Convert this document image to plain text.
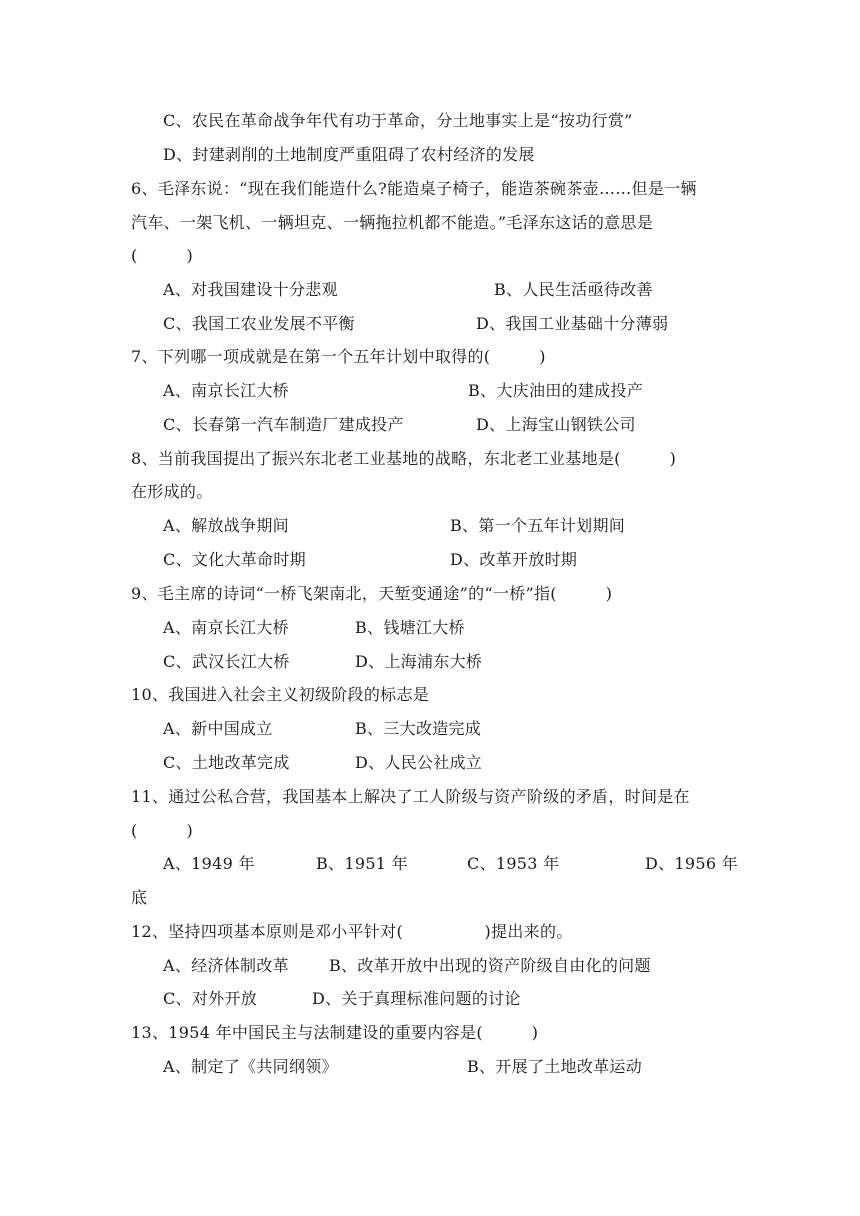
C、农民在革命战争年代有功于革命，分土地事实上是“按功行赏”
D、封建剥削的土地制度严重阻碍了农村经济的发展
6、毛泽东说：“现在我们能造什么?能造桌子椅子，能造茶碗茶壶……但是一辆
汽车、一架飞机、一辆坦克、一辆拖拉机都不能造。”毛泽东这话的意思是
(　　　)
A、对我国建设十分悲观	B、人民生活亟待改善
C、我国工农业发展不平衡	D、我国工业基础十分薄弱
7、下列哪一项成就是在第一个五年计划中取得的(　　　)
A、南京长江大桥	B、大庆油田的建成投产
C、长春第一汽车制造厂建成投产	D、上海宝山钢铁公司
8、当前我国提出了振兴东北老工业基地的战略，东北老工业基地是(　　　)
在形成的。
A、解放战争期间	B、第一个五年计划期间
C、文化大革命时期	D、改革开放时期
9、毛主席的诗词“一桥飞架南北，天堑变通途”的“一桥”指(　　　)
A、南京长江大桥	B、钱塘江大桥
C、武汉长江大桥	D、上海浦东大桥
10、我国进入社会主义初级阶段的标志是
A、新中国成立	B、三大改造完成
C、土地改革完成	D、人民公社成立
11、通过公私合营，我国基本上解决了工人阶级与资产阶级的矛盾，时间是在
(　　　)
A、1949 年	B、1951 年	C、1953 年	D、1956 年
底
12、坚持四项基本原则是邓小平针对(　　　　　)提出来的。
A、经济体制改革	B、改革开放中出现的资产阶级自由化的问题
C、对外开放	D、关于真理标准问题的讨论
13、1954 年中国民主与法制建设的重要内容是(　　　)
A、制定了《共同纲领》	B、开展了土地改革运动
